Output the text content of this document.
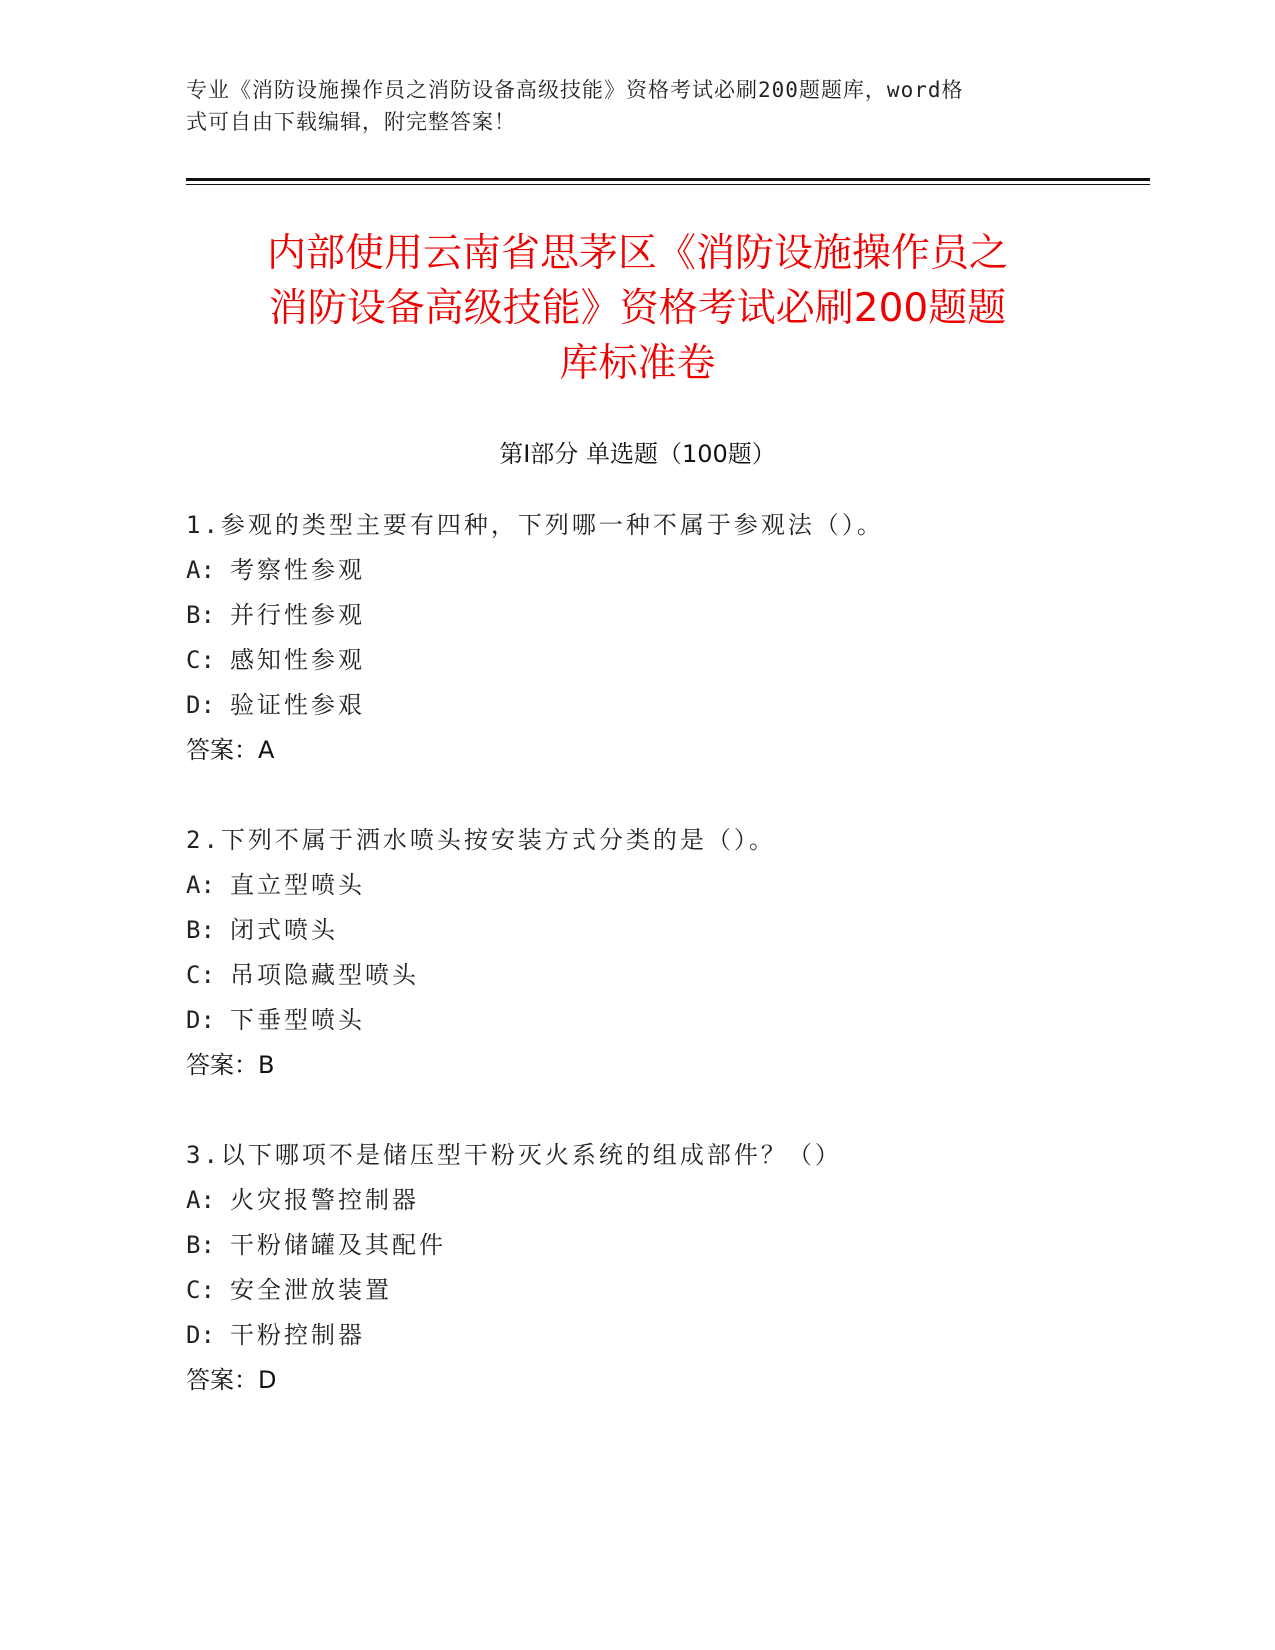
专业《消防设施操作员之消防设备高级技能》资格考试必刷200题题库，word格
式可自由下载编辑，附完整答案！
内部使用云南省思茅区《消防设施操作员之
消防设备高级技能》资格考试必刷200题题
库标准卷
第Ⅰ部分 单选题（100题）
1.参观的类型主要有四种，下列哪一种不属于参观法（）。
A: 考察性参观
B: 并行性参观
C: 感知性参观
D: 验证性参艰
答案：A
2.下列不属于洒水喷头按安装方式分类的是（）。
A: 直立型喷头
B: 闭式喷头
C: 吊项隐藏型喷头
D: 下垂型喷头
答案：B
3.以下哪项不是储压型干粉灭火系统的组成部件？（）
A: 火灾报警控制器
B: 干粉储罐及其配件
C: 安全泄放装置
D: 干粉控制器
答案：D
